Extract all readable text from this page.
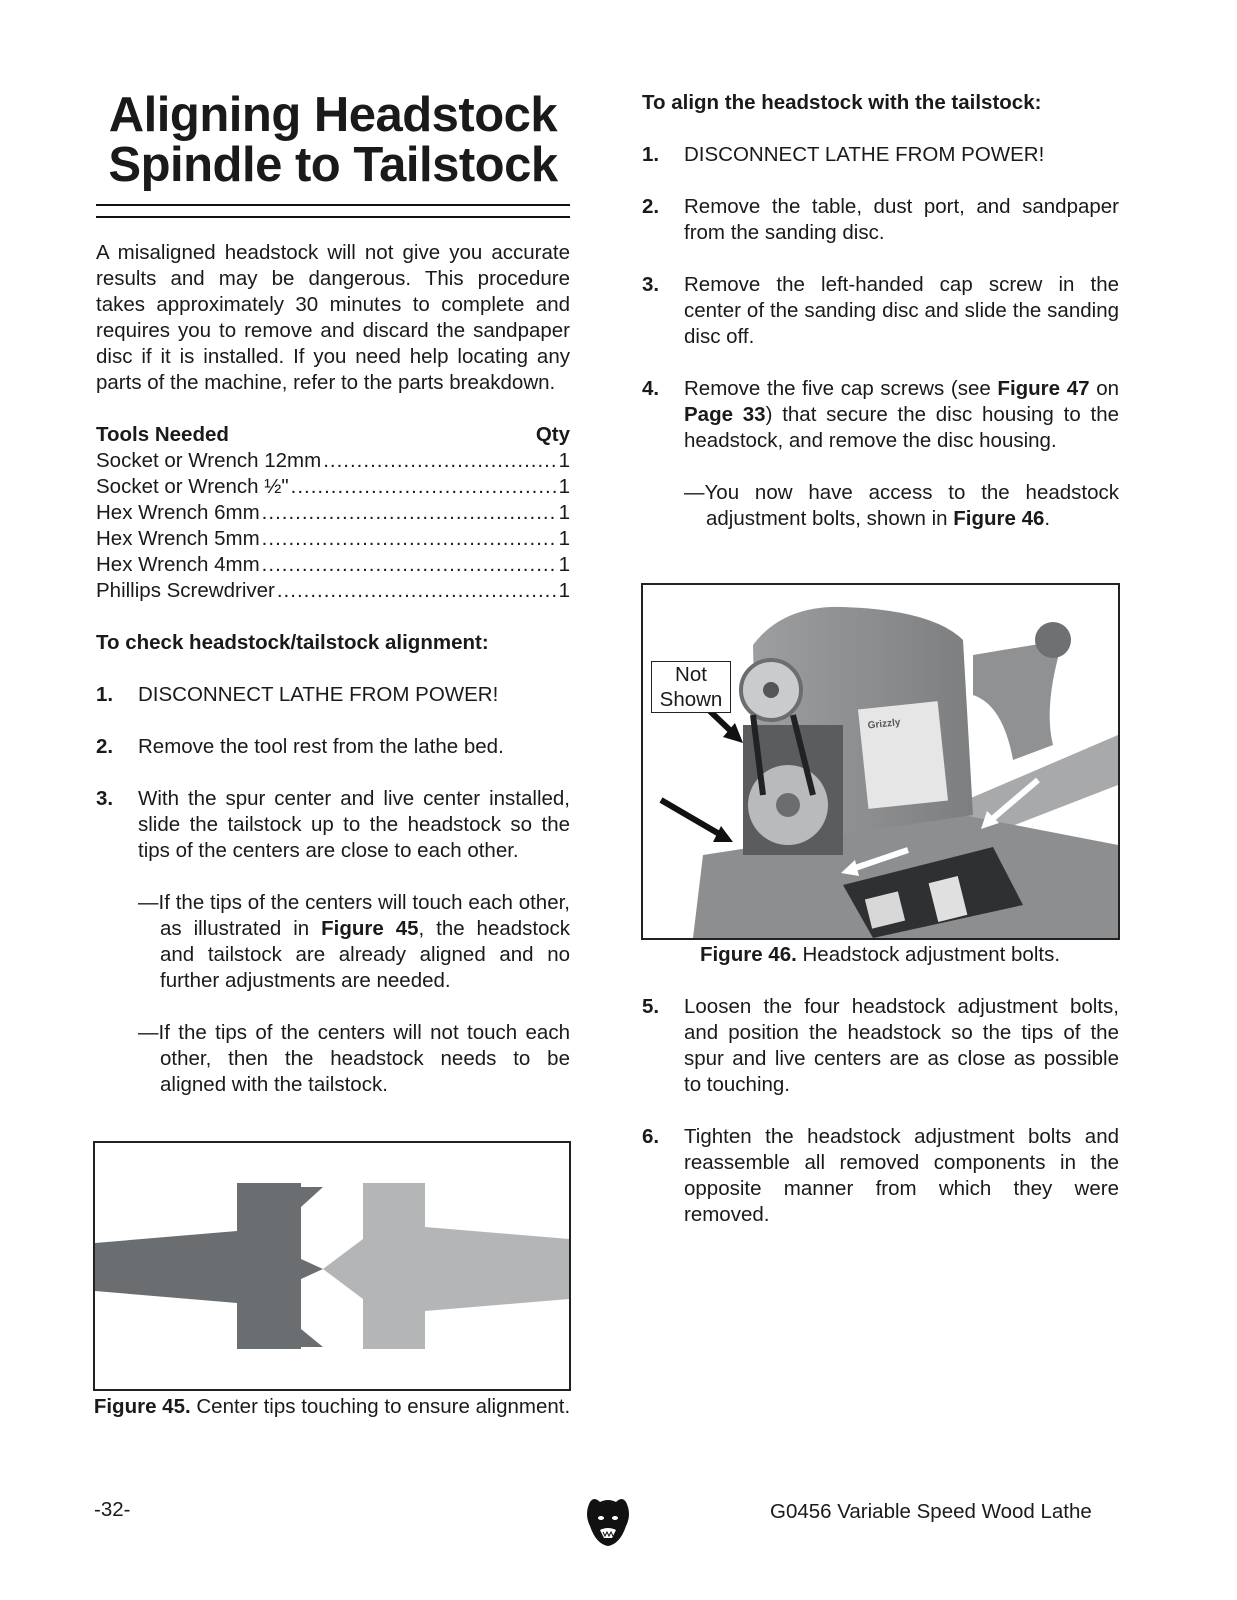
Aligning Headstock
Spindle to Tailstock

A misaligned headstock will not give you accurate results and may be dangerous. This procedure takes approximately 30 minutes to complete and requires you to remove and discard the sandpaper disc if it is installed. If you need help locating any parts of the machine, refer to the parts breakdown.

Tools Needed	Qty
Socket or Wrench 12mm .....	1
Socket or Wrench ½" .....	1
Hex Wrench 6mm .....	1
Hex Wrench 5mm .....	1
Hex Wrench 4mm .....	1
Phillips Screwdriver .....	1

To check headstock/tailstock alignment:

1.	DISCONNECT LATHE FROM POWER!
2.	Remove the tool rest from the lathe bed.
3.	With the spur center and live center installed, slide the tailstock up to the headstock so the tips of the centers are close to each other.

—If the tips of the centers will touch each other, as illustrated in Figure 45, the headstock and tailstock are already aligned and no further adjustments are needed.

—If the tips of the centers will not touch each other, then the headstock needs to be aligned with the tailstock.

Figure 45. Center tips touching to ensure alignment.

To align the headstock with the tailstock:

1.	DISCONNECT LATHE FROM POWER!
2.	Remove the table, dust port, and sandpaper from the sanding disc.
3.	Remove the left-handed cap screw in the center of the sanding disc and slide the sanding disc off.
4.	Remove the five cap screws (see Figure 47 on Page 33) that secure the disc housing to the headstock, and remove the disc housing.

—You now have access to the headstock adjustment bolts, shown in Figure 46.

Grizzly
Not
Shown
Figure 46. Headstock adjustment bolts.
5.	Loosen the four headstock adjustment bolts, and position the headstock so the tips of the spur and live centers are as close as possible to touching.
6.	Tighten the headstock adjustment bolts and reassemble all removed components in the opposite manner from which they were removed.
-32-	G0456 Variable Speed Wood Lathe
